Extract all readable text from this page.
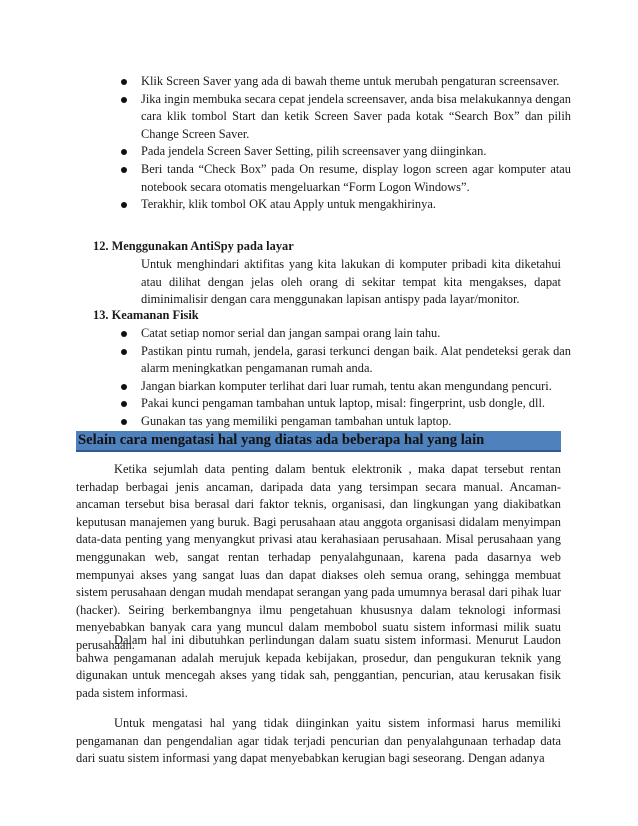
Klik Screen Saver yang ada di bawah theme untuk merubah pengaturan screensaver.
Jika ingin membuka secara cepat jendela screensaver, anda bisa melakukannya dengan cara klik tombol Start dan ketik Screen Saver pada kotak “Search Box” dan pilih Change Screen Saver.
Pada jendela Screen Saver Setting, pilih screensaver yang diinginkan.
Beri tanda “Check Box” pada On resume, display logon screen agar komputer atau notebook secara otomatis mengeluarkan “Form Logon Windows”.
Terakhir, klik tombol OK atau Apply untuk mengakhirinya.
12. Menggunakan AntiSpy pada layar

Untuk menghindari aktifitas yang kita lakukan di komputer pribadi kita diketahui atau dilihat dengan jelas oleh orang di sekitar tempat kita mengakses, dapat diminimalisir dengan cara menggunakan lapisan antispy pada layar/monitor.

13. Keamanan Fisik
Catat setiap nomor serial dan jangan sampai orang lain tahu.
Pastikan pintu rumah, jendela, garasi terkunci dengan baik. Alat pendeteksi gerak dan alarm meningkatkan pengamanan rumah anda.
Jangan biarkan komputer terlihat dari luar rumah, tentu akan mengundang pencuri.
Pakai kunci pengaman tambahan untuk laptop, misal: fingerprint, usb dongle, dll.
Gunakan tas yang memiliki pengaman tambahan untuk laptop.
Selain cara mengatasi hal yang diatas ada beberapa hal yang lain

Ketika sejumlah data penting dalam bentuk elektronik , maka dapat tersebut rentan terhadap berbagai jenis ancaman, daripada data yang tersimpan secara manual. Ancaman-ancaman tersebut bisa berasal dari faktor teknis, organisasi, dan lingkungan yang diakibatkan keputusan manajemen yang buruk. Bagi perusahaan atau anggota organisasi didalam menyimpan data-data penting yang menyangkut privasi atau kerahasiaan perusahaan. Misal perusahaan yang menggunakan web, sangat rentan terhadap penyalahgunaan, karena pada dasarnya web mempunyai akses yang sangat luas dan dapat diakses oleh semua orang, sehingga membuat sistem perusahaan dengan mudah mendapat serangan yang pada umumnya berasal dari pihak luar (hacker). Seiring berkembangnya ilmu pengetahuan khususnya dalam teknologi informasi menyebabkan banyak cara yang muncul dalam membobol suatu sistem informasi milik suatu perusahaan.

Dalam hal ini dibutuhkan perlindungan dalam suatu sistem informasi. Menurut Laudon bahwa pengamanan adalah merujuk kepada kebijakan, prosedur, dan pengukuran teknik yang digunakan untuk mencegah akses yang tidak sah, penggantian, pencurian, atau kerusakan fisik pada sistem informasi.

Untuk mengatasi hal yang tidak diinginkan yaitu sistem informasi harus memiliki pengamanan dan pengendalian agar tidak terjadi pencurian dan penyalahgunaan terhadap data dari suatu sistem informasi yang dapat menyebabkan kerugian bagi seseorang. Dengan adanya
